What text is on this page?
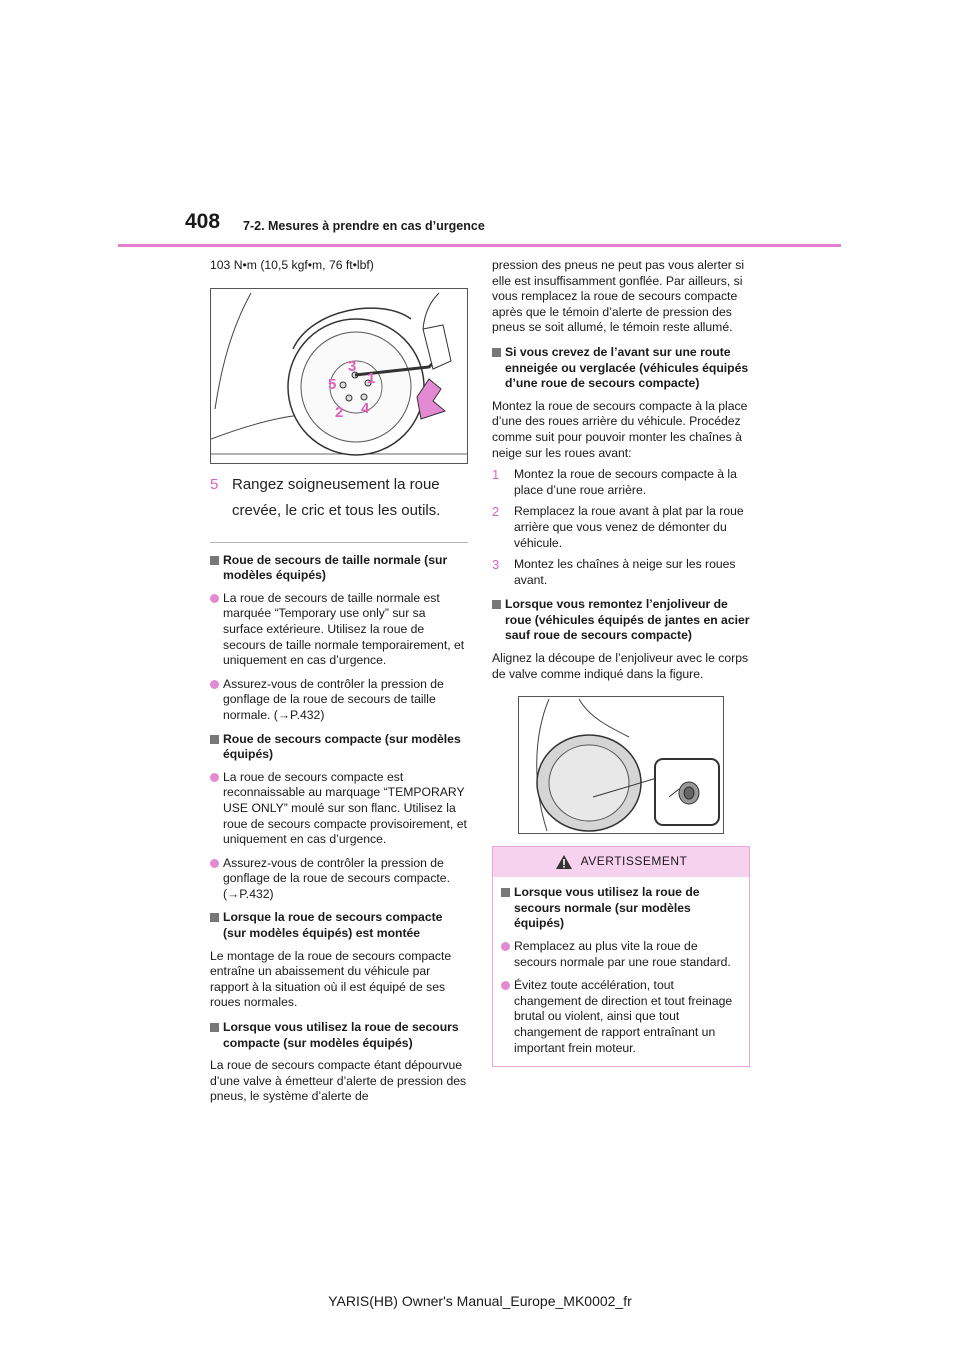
408 7-2. Mesures à prendre en cas d’urgence

103 N•m (10,5 kgf•m, 76 ft•lbf)

3
5 1
2 4
5 Rangez soigneusement la roue crevée, le cric et tous les outils.
Roue de secours de taille normale (sur modèles équipés)
La roue de secours de taille normale est marquée “Temporary use only” sur sa surface extérieure. Utilisez la roue de secours de taille normale temporairement, et uniquement en cas d’urgence.
Assurez-vous de contrôler la pression de gonflage de la roue de secours de taille normale. (→P.432)
Roue de secours compacte (sur modèles équipés)
La roue de secours compacte est reconnaissable au marquage “TEMPORARY USE ONLY” moulé sur son flanc. Utilisez la roue de secours compacte provisoirement, et uniquement en cas d’urgence.
Assurez-vous de contrôler la pression de gonflage de la roue de secours compacte. (→P.432)
Lorsque la roue de secours compacte (sur modèles équipés) est montée

Le montage de la roue de secours compacte entraîne un abaissement du véhicule par rapport à la situation où il est équipé de ses roues normales.

Lorsque vous utilisez la roue de secours compacte (sur modèles équipés)

La roue de secours compacte étant dépourvue d’une valve à émetteur d’alerte de pression des pneus, le système d’alerte de

pression des pneus ne peut pas vous alerter si elle est insuffisamment gonflée. Par ailleurs, si vous remplacez la roue de secours compacte après que le témoin d’alerte de pression des pneus se soit allumé, le témoin reste allumé.

Si vous crevez de l’avant sur une route enneigée ou verglacée (véhicules équipés d’une roue de secours compacte)

Montez la roue de secours compacte à la place d’une des roues arrière du véhicule. Procédez comme suit pour pouvoir monter les chaînes à neige sur les roues avant:

1 Montez la roue de secours compacte à la place d’une roue arrière.
2 Remplacez la roue avant à plat par la roue arrière que vous venez de démonter du véhicule.
3 Montez les chaînes à neige sur les roues avant.
Lorsque vous remontez l’enjoliveur de roue (véhicules équipés de jantes en acier sauf roue de secours compacte)

Alignez la découpe de l’enjoliveur avec le corps de valve comme indiqué dans la figure.

AVERTISSEMENT
Lorsque vous utilisez la roue de secours normale (sur modèles équipés)
Remplacez au plus vite la roue de secours normale par une roue standard.
Évitez toute accélération, tout changement de direction et tout freinage brutal ou violent, ainsi que tout changement de rapport entraînant un important frein moteur.
YARIS(HB) Owner's Manual_Europe_MK0002_fr
